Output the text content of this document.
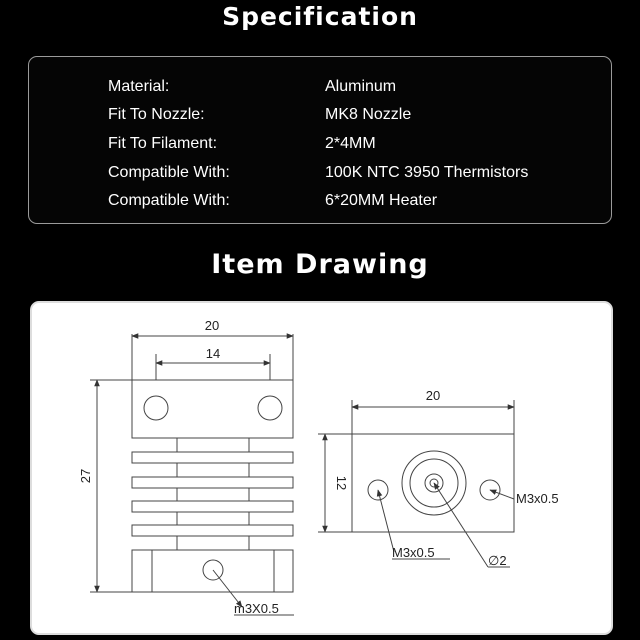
Specification
Material:	Aluminum
Fit To Nozzle:	MK8 Nozzle
Fit To Filament:	2*4MM
Compatible With:	100K NTC 3950 Thermistors
Compatible With:	6*20MM Heater
Item Drawing
20
14
27
m3X0.5
20
12
M3x0.5
M3x0.5
∅2
